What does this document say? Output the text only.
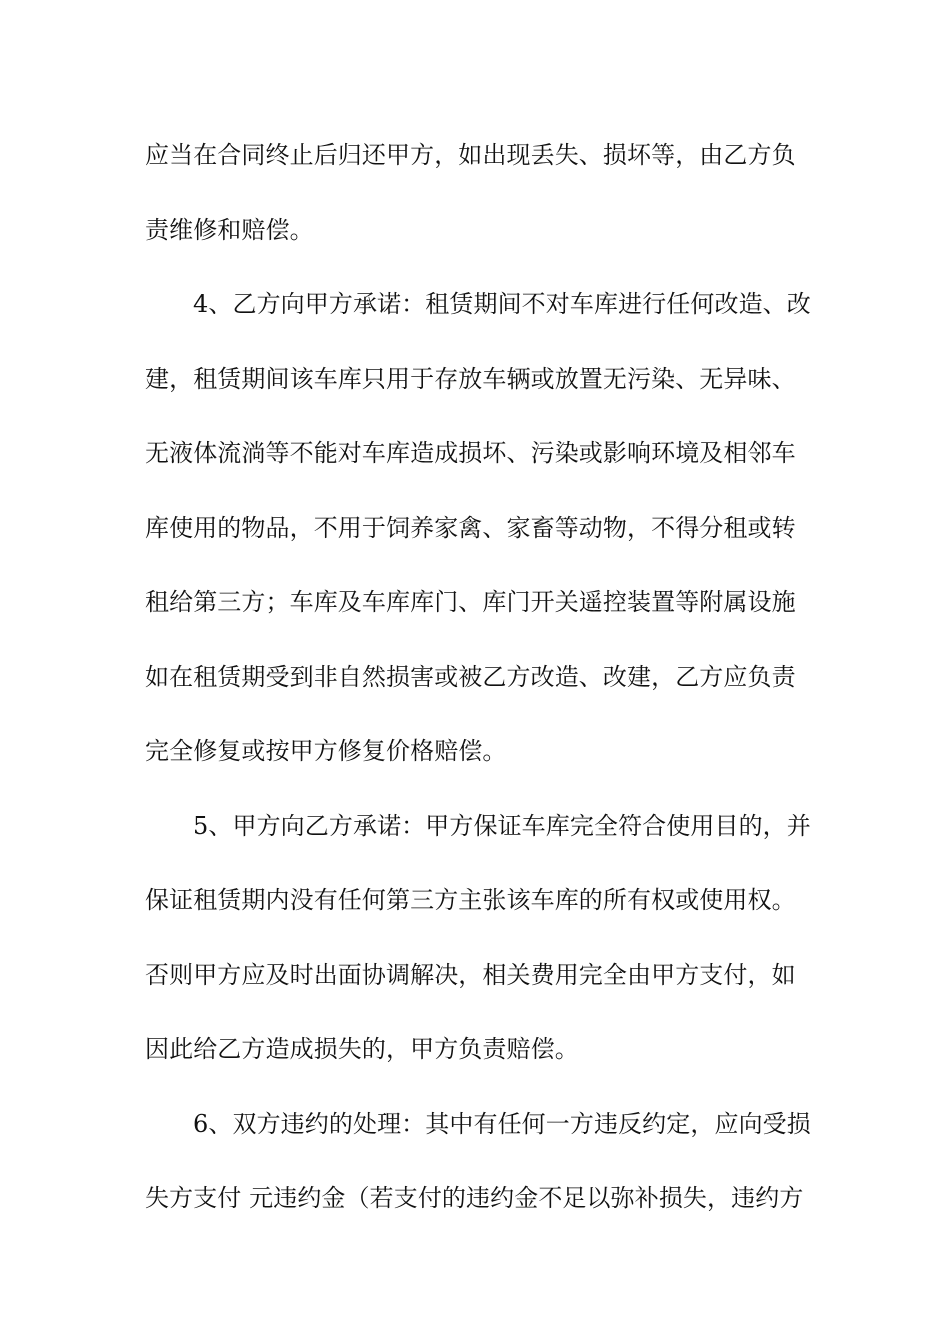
应当在合同终止后归还甲方，如出现丢失、损坏等，由乙方负
责维修和赔偿。
4、乙方向甲方承诺：租赁期间不对车库进行任何改造、改
建，租赁期间该车库只用于存放车辆或放置无污染、无异味、
无液体流淌等不能对车库造成损坏、污染或影响环境及相邻车
库使用的物品，不用于饲养家禽、家畜等动物，不得分租或转
租给第三方；车库及车库库门、库门开关遥控装置等附属设施
如在租赁期受到非自然损害或被乙方改造、改建，乙方应负责
完全修复或按甲方修复价格赔偿。
5、甲方向乙方承诺：甲方保证车库完全符合使用目的，并
保证租赁期内没有任何第三方主张该车库的所有权或使用权。
否则甲方应及时出面协调解决，相关费用完全由甲方支付，如
因此给乙方造成损失的，甲方负责赔偿。
6、双方违约的处理：其中有任何一方违反约定，应向受损
失方支付 元违约金（若支付的违约金不足以弥补损失，违约方
